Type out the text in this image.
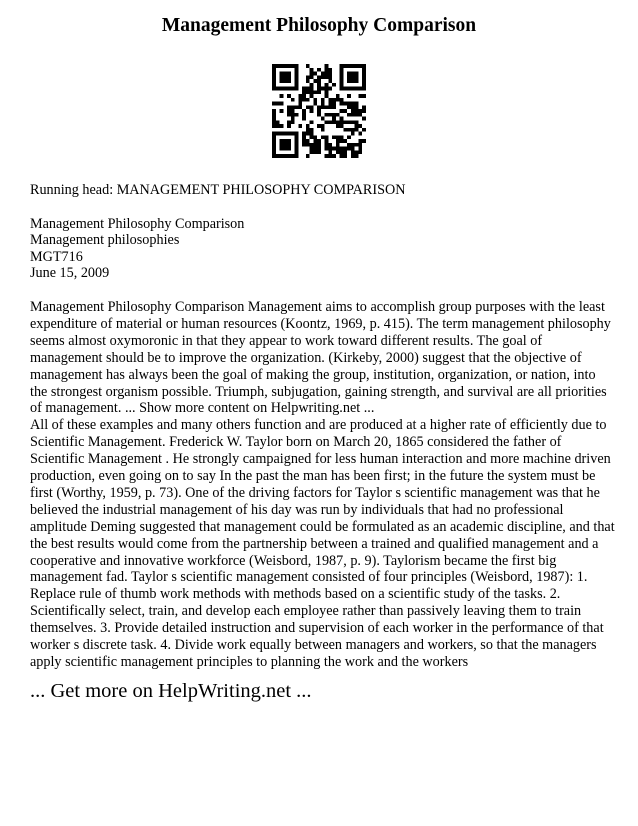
Management Philosophy Comparison

Running head: MANAGEMENT PHILOSOPHY COMPARISON

Management Philosophy Comparison

Management philosophies

MGT716

June 15, 2009

Management Philosophy Comparison Management aims to accomplish group purposes with the least expenditure of material or human resources (Koontz, 1969, p. 415). The term management philosophy seems almost oxymoronic in that they appear to work toward different results. The goal of management should be to improve the organization. (Kirkeby, 2000) suggest that the objective of management has always been the goal of making the group, institution, organization, or nation, into the strongest organism possible. Triumph, subjugation, gaining strength, and survival are all priorities of management. ... Show more content on Helpwriting.net ...

All of these examples and many others function and are produced at a higher rate of efficiently due to Scientific Management. Frederick W. Taylor born on March 20, 1865 considered the father of Scientific Management . He strongly campaigned for less human interaction and more machine driven production, even going on to say In the past the man has been first; in the future the system must be first (Worthy, 1959, p. 73). One of the driving factors for Taylor s scientific management was that he believed the industrial management of his day was run by individuals that had no professional amplitude Deming suggested that management could be formulated as an academic discipline, and that the best results would come from the partnership between a trained and qualified management and a cooperative and innovative workforce (Weisbord, 1987, p. 9). Taylorism became the first big management fad. Taylor s scientific management consisted of four principles (Weisbord, 1987): 1. Replace rule of thumb work methods with methods based on a scientific study of the tasks. 2. Scientifically select, train, and develop each employee rather than passively leaving them to train themselves. 3. Provide detailed instruction and supervision of each worker in the performance of that worker s discrete task. 4. Divide work equally between managers and workers, so that the managers apply scientific management principles to planning the work and the workers

... Get more on HelpWriting.net ...
